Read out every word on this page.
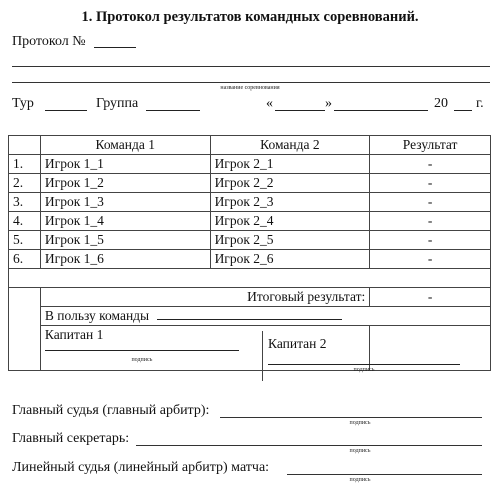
1. Протокол результатов командных соревнований.
Протокол №
название соревнования
Тур	Группа	«	»	20 г.
	Команда 1	Команда 2	Результат
1.	Игрок 1_1	Игрок 2_1	-
2.	Игрок 1_2	Игрок 2_2	-
3.	Игрок 1_3	Игрок 2_3	-
4.	Игрок 1_4	Игрок 2_4	-
5.	Игрок 1_5	Игрок 2_5	-
6.	Игрок 1_6	Игрок 2_6	-

	Итоговый результат:		-
	В пользу команды		

	Капитан 1
подпись		

Капитан 2
подпись
Главный судья (главный арбитр):
подпись
Главный секретарь:
подпись
Линейный судья (линейный арбитр) матча:
подпись
